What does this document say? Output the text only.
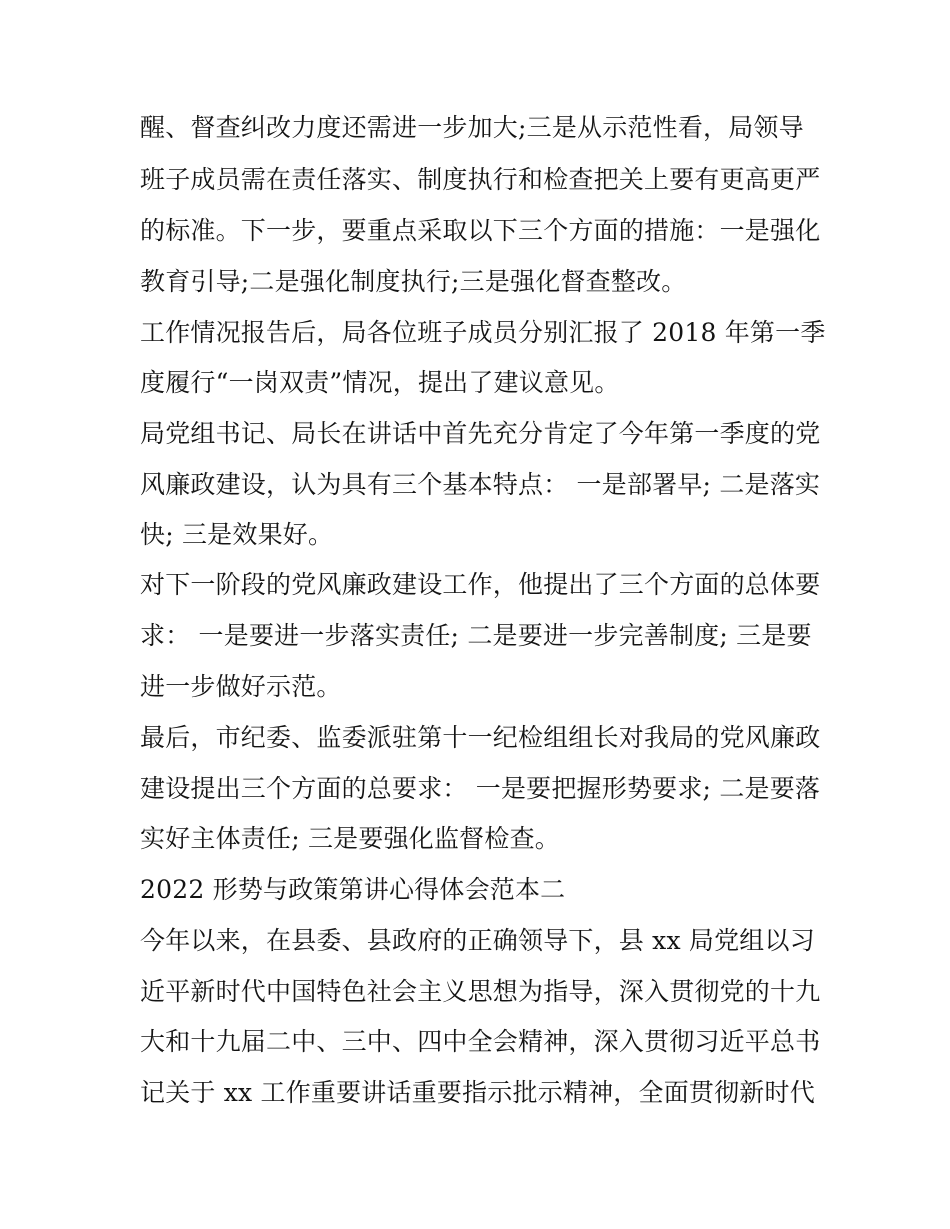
醒、督查纠改力度还需进一步加大;三是从示范性看，局领导
班子成员需在责任落实、制度执行和检查把关上要有更高更严
的标准。下一步，要重点采取以下三个方面的措施：一是强化
教育引导;二是强化制度执行;三是强化督查整改。
工作情况报告后，局各位班子成员分别汇报了 2018 年第一季
度履行“一岗双责”情况，提出了建议意见。
局党组书记、局长在讲话中首先充分肯定了今年第一季度的党
风廉政建设，认为具有三个基本特点： 一是部署早; 二是落实
快; 三是效果好。
对下一阶段的党风廉政建设工作，他提出了三个方面的总体要
求： 一是要进一步落实责任; 二是要进一步完善制度; 三是要
进一步做好示范。
最后，市纪委、监委派驻第十一纪检组组长对我局的党风廉政
建设提出三个方面的总要求： 一是要把握形势要求; 二是要落
实好主体责任; 三是要强化监督检查。
2022 形势与政策第讲心得体会范本二
今年以来，在县委、县政府的正确领导下，县 xx 局党组以习
近平新时代中国特色社会主义思想为指导，深入贯彻党的十九
大和十九届二中、三中、四中全会精神，深入贯彻习近平总书
记关于 xx 工作重要讲话重要指示批示精神，全面贯彻新时代
